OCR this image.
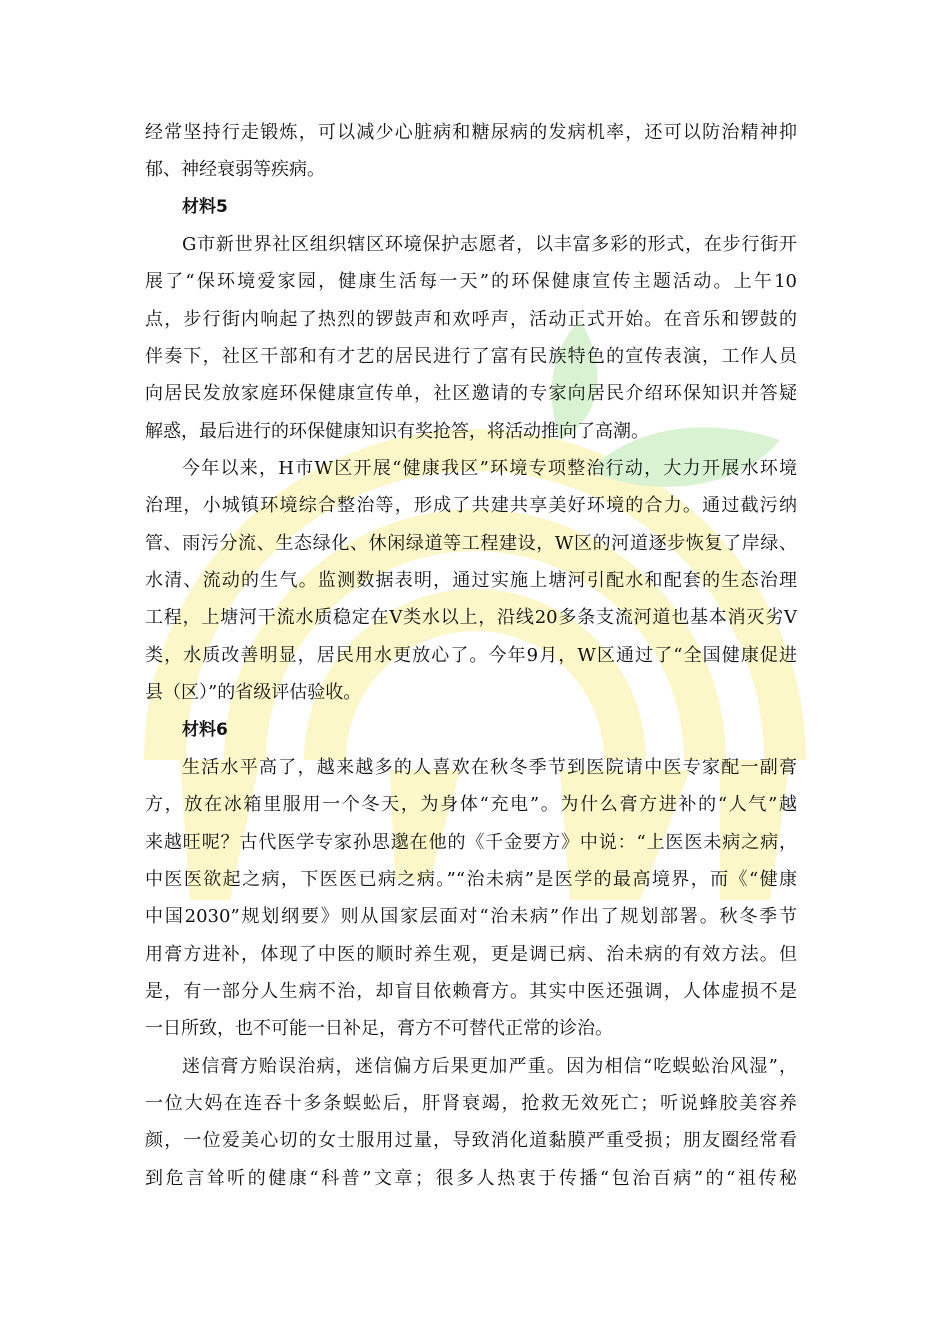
经常坚持行走锻炼，可以减少心脏病和糖尿病的发病机率，还可以防治精神抑
郁、神经衰弱等疾病。
材料5
G市新世界社区组织辖区环境保护志愿者，以丰富多彩的形式，在步行街开
展了“保环境爱家园，健康生活每一天”的环保健康宣传主题活动。上午10
点，步行街内响起了热烈的锣鼓声和欢呼声，活动正式开始。在音乐和锣鼓的
伴奏下，社区干部和有才艺的居民进行了富有民族特色的宣传表演，工作人员
向居民发放家庭环保健康宣传单，社区邀请的专家向居民介绍环保知识并答疑
解惑，最后进行的环保健康知识有奖抢答，将活动推向了高潮。
今年以来，H市W区开展“健康我区”环境专项整治行动，大力开展水环境
治理，小城镇环境综合整治等，形成了共建共享美好环境的合力。通过截污纳
管、雨污分流、生态绿化、休闲绿道等工程建设，W区的河道逐步恢复了岸绿、
水清、流动的生气。监测数据表明，通过实施上塘河引配水和配套的生态治理
工程，上塘河干流水质稳定在V类水以上，沿线20多条支流河道也基本消灭劣V
类，水质改善明显，居民用水更放心了。今年9月，W区通过了“全国健康促进
县（区）”的省级评估验收。
材料6
生活水平高了，越来越多的人喜欢在秋冬季节到医院请中医专家配一副膏
方，放在冰箱里服用一个冬天，为身体“充电”。为什么膏方进补的“人气”越
来越旺呢？古代医学专家孙思邈在他的《千金要方》中说：“上医医未病之病，
中医医欲起之病，下医医已病之病。”“治未病”是医学的最高境界，而《“健康
中国2030”规划纲要》则从国家层面对“治未病”作出了规划部署。秋冬季节
用膏方进补，体现了中医的顺时养生观，更是调已病、治未病的有效方法。但
是，有一部分人生病不治，却盲目依赖膏方。其实中医还强调，人体虚损不是
一日所致，也不可能一日补足，膏方不可替代正常的诊治。
迷信膏方贻误治病，迷信偏方后果更加严重。因为相信“吃蜈蚣治风湿”，
一位大妈在连吞十多条蜈蚣后，肝肾衰竭，抢救无效死亡；听说蜂胶美容养
颜，一位爱美心切的女士服用过量，导致消化道黏膜严重受损；朋友圈经常看
到危言耸听的健康“科普”文章；很多人热衷于传播“包治百病”的“祖传秘
